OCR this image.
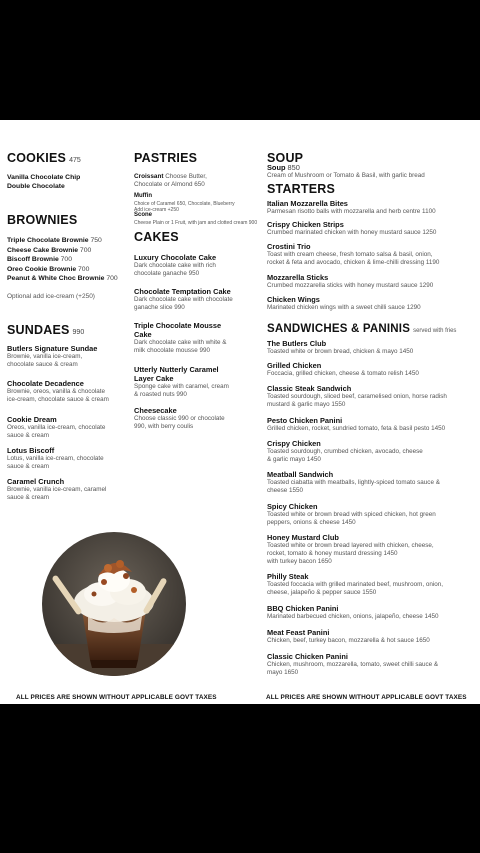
COOKIES 475
Vanilla Chocolate Chip
Double Chocolate
BROWNIES
Triple Chocolate Brownie 750
Cheese Cake Brownie 700
Biscoff Brownie 700
Oreo Cookie Brownie 700
Peanut & White Choc Brownie 700
Optional add ice-cream (+250)
SUNDAES 990
Butlers Signature Sundae
Brownie, vanilla ice-cream,
chocolate sauce & cream
Chocolate Decadence
Brownie, oreos, vanilla & chocolate
ice-cream, chocolate sauce & cream
Cookie Dream
Oreos, vanilla ice-cream, chocolate
sauce & cream
Lotus Biscoff
Lotus, vanilla ice-cream, chocolate
sauce & cream
Caramel Crunch
Brownie, vanilla ice-cream, caramel
sauce & cream
PASTRIES
Croissant Choose Butter,
Chocolate or Almond 650
Muffin
Choice of Caramel 650, Chocolate, Blueberry
Add ice-cream +250
Scone
Cheese Plain or 1 Fruit, with jam and clotted cream 900
CAKES
Luxury Chocolate Cake
Dark chocolate cake with rich
chocolate ganache 950
Chocolate Temptation Cake
Dark chocolate cake with chocolate
ganache slice 990
Triple Chocolate Mousse
Cake
Dark chocolate cake with white &
milk chocolate mousse 990
Utterly Nutterly Caramel
Layer Cake
Sponge cake with caramel, cream
& roasted nuts 990
Cheesecake
Choose classic 990 or chocolate
990, with berry coulis
SOUP
Soup 850
Cream of Mushroom or Tomato & Basil, with garlic bread
STARTERS
Italian Mozzarella Bites
Parmesan risotto balls with mozzarella and herb centre 1100
Crispy Chicken Strips
Crumbed marinated chicken with honey mustard sauce 1250
Crostini Trio
Toast with cream cheese, fresh tomato salsa & basil, onion,
rocket & feta and avocado, chicken & lime-chilli dressing 1190
Mozzarella Sticks
Crumbed mozzarella sticks with honey mustard sauce 1290
Chicken Wings
Marinated chicken wings with a sweet chilli sauce 1290
SANDWICHES & PANINIS served with fries
The Butlers Club
Toasted white or brown bread, chicken & mayo 1450
Grilled Chicken
Foccacia, grilled chicken, cheese & tomato relish 1450
Classic Steak Sandwich
Toasted sourdough, sliced beef, caramelised onion, horse radish
mustard & garlic mayo 1550
Pesto Chicken Panini
Grilled chicken, rocket, sundried tomato, feta & basil pesto 1450
Crispy Chicken
Toasted sourdough, crumbed chicken, avocado, cheese
& garlic mayo 1450
Meatball Sandwich
Toasted ciabatta with meatballs, lightly-spiced tomato sauce &
cheese 1550
Spicy Chicken
Toasted white or brown bread with spiced chicken, hot green
peppers, onions & cheese 1450
Honey Mustard Club
Toasted white or brown bread layered with chicken, cheese,
rocket, tomato & honey mustard dressing 1450
with turkey bacon 1650
Philly Steak
Toasted foccacia with grilled marinated beef, mushroom, onion,
cheese, jalapeño & pepper sauce 1550
BBQ Chicken Panini
Marinated barbecued chicken, onions, jalapeño, cheese 1450
Meat Feast Panini
Chicken, beef, turkey bacon, mozzarella & hot sauce 1650
Classic Chicken Panini
Chicken, mushroom, mozzarella, tomato, sweet chilli sauce &
mayo 1650
ALL PRICES ARE SHOWN WITHOUT APPLICABLE GOVT TAXES	ALL PRICES ARE SHOWN WITHOUT APPLICABLE GOVT TAXES
